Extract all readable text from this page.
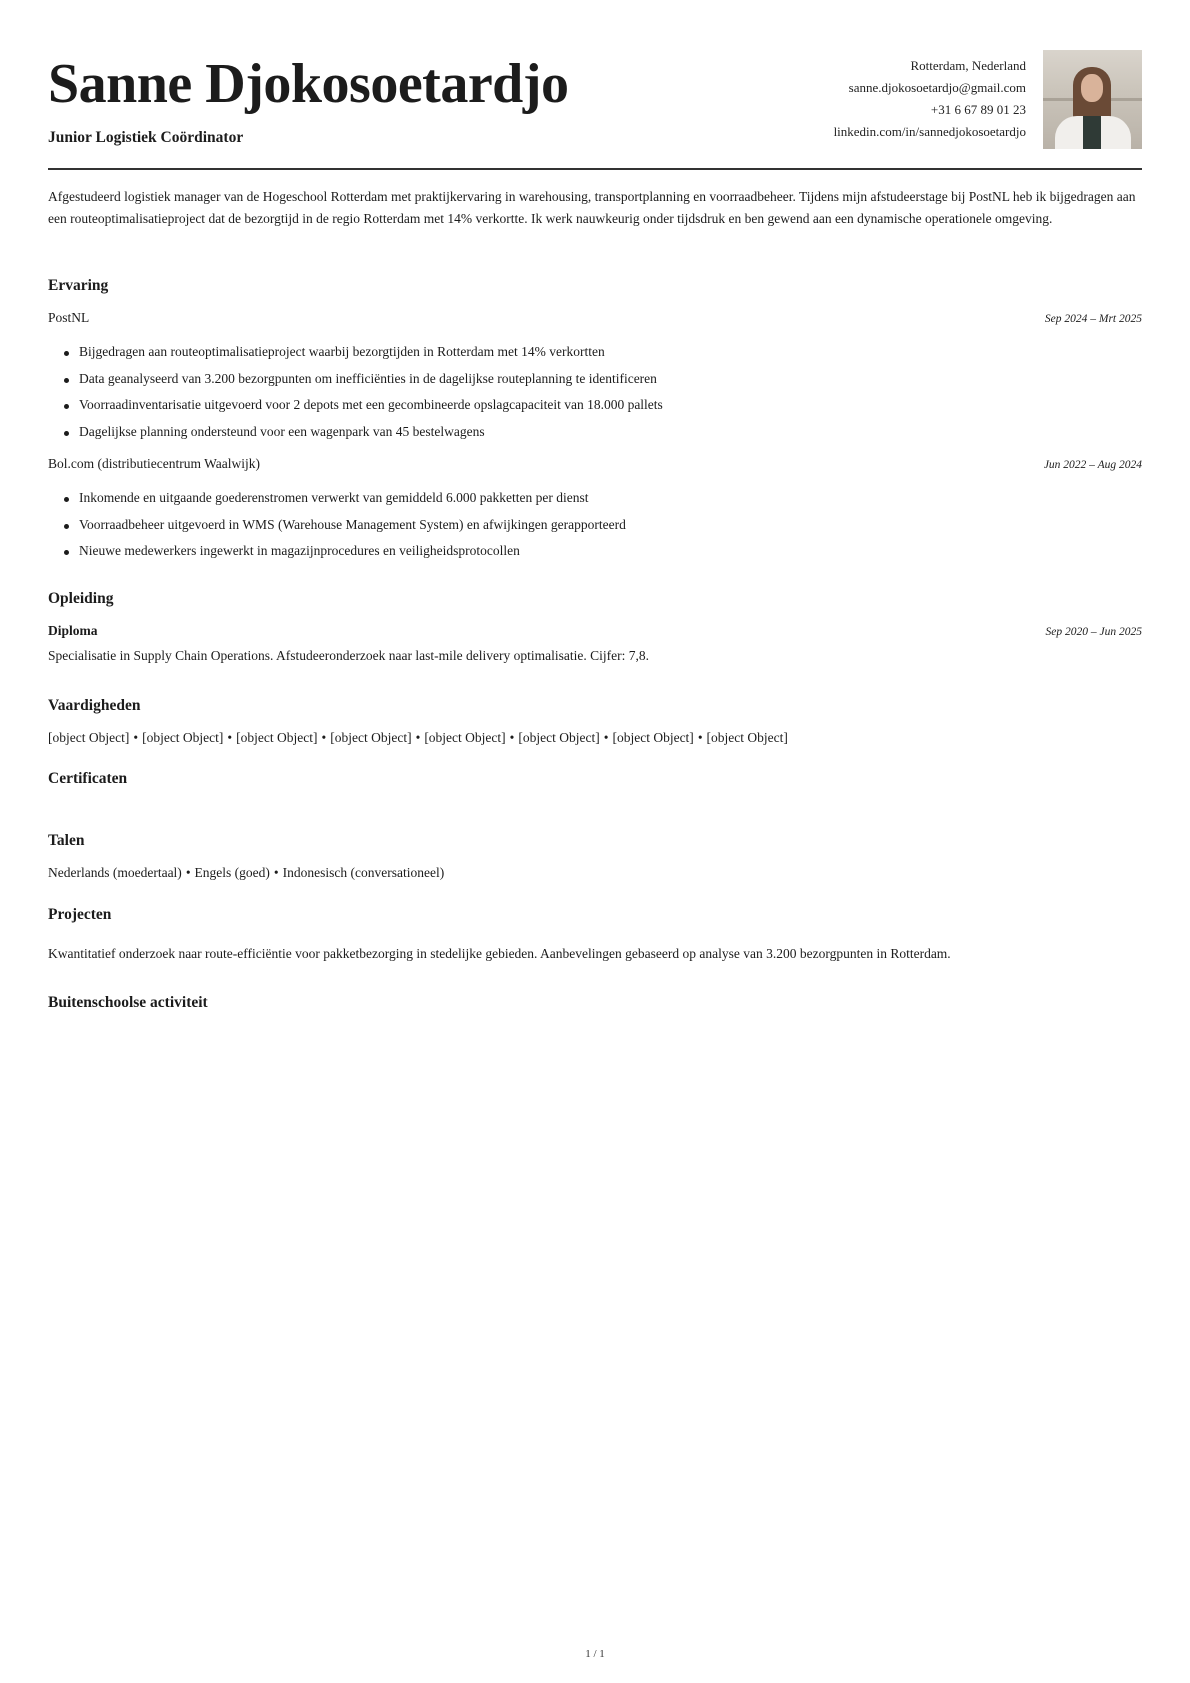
Sanne Djokosoetardjo
Junior Logistiek Coördinator
Rotterdam, Nederland
sanne.djokosoetardjo@gmail.com
+31 6 67 89 01 23
linkedin.com/in/sannedjokosoetardjo

Afgestudeerd logistiek manager van de Hogeschool Rotterdam met praktijkervaring in warehousing, transportplanning en voorraadbeheer. Tijdens mijn afstudeerstage bij PostNL heb ik bijgedragen aan een routeoptimalisatieproject dat de bezorgtijd in de regio Rotterdam met 14% verkortte. Ik werk nauwkeurig onder tijdsdruk en ben gewend aan een dynamische operationele omgeving.

Ervaring
PostNL	Sep 2024 – Mrt 2025
Bijgedragen aan routeoptimalisatieproject waarbij bezorgtijden in Rotterdam met 14% verkortten
Data geanalyseerd van 3.200 bezorgpunten om inefficiënties in de dagelijkse routeplanning te identificeren
Voorraadinventarisatie uitgevoerd voor 2 depots met een gecombineerde opslagcapaciteit van 18.000 pallets
Dagelijkse planning ondersteund voor een wagenpark van 45 bestelwagens
Bol.com (distributiecentrum Waalwijk)	Jun 2022 – Aug 2024
Inkomende en uitgaande goederenstromen verwerkt van gemiddeld 6.000 pakketten per dienst
Voorraadbeheer uitgevoerd in WMS (Warehouse Management System) en afwijkingen gerapporteerd
Nieuwe medewerkers ingewerkt in magazijnprocedures en veiligheidsprotocollen
Opleiding
Diploma	Sep 2020 – Jun 2025
Specialisatie in Supply Chain Operations. Afstudeeronderzoek naar last-mile delivery optimalisatie. Cijfer: 7,8.
Vaardigheden
[object Object] • [object Object] • [object Object] • [object Object] • [object Object] • [object Object] • [object Object] • [object Object]
Certificaten
Talen
Nederlands (moedertaal) • Engels (goed) • Indonesisch (conversationeel)
Projecten
Kwantitatief onderzoek naar route-efficiëntie voor pakketbezorging in stedelijke gebieden. Aanbevelingen gebaseerd op analyse van 3.200 bezorgpunten in Rotterdam.
Buitenschoolse activiteit
1 / 1
